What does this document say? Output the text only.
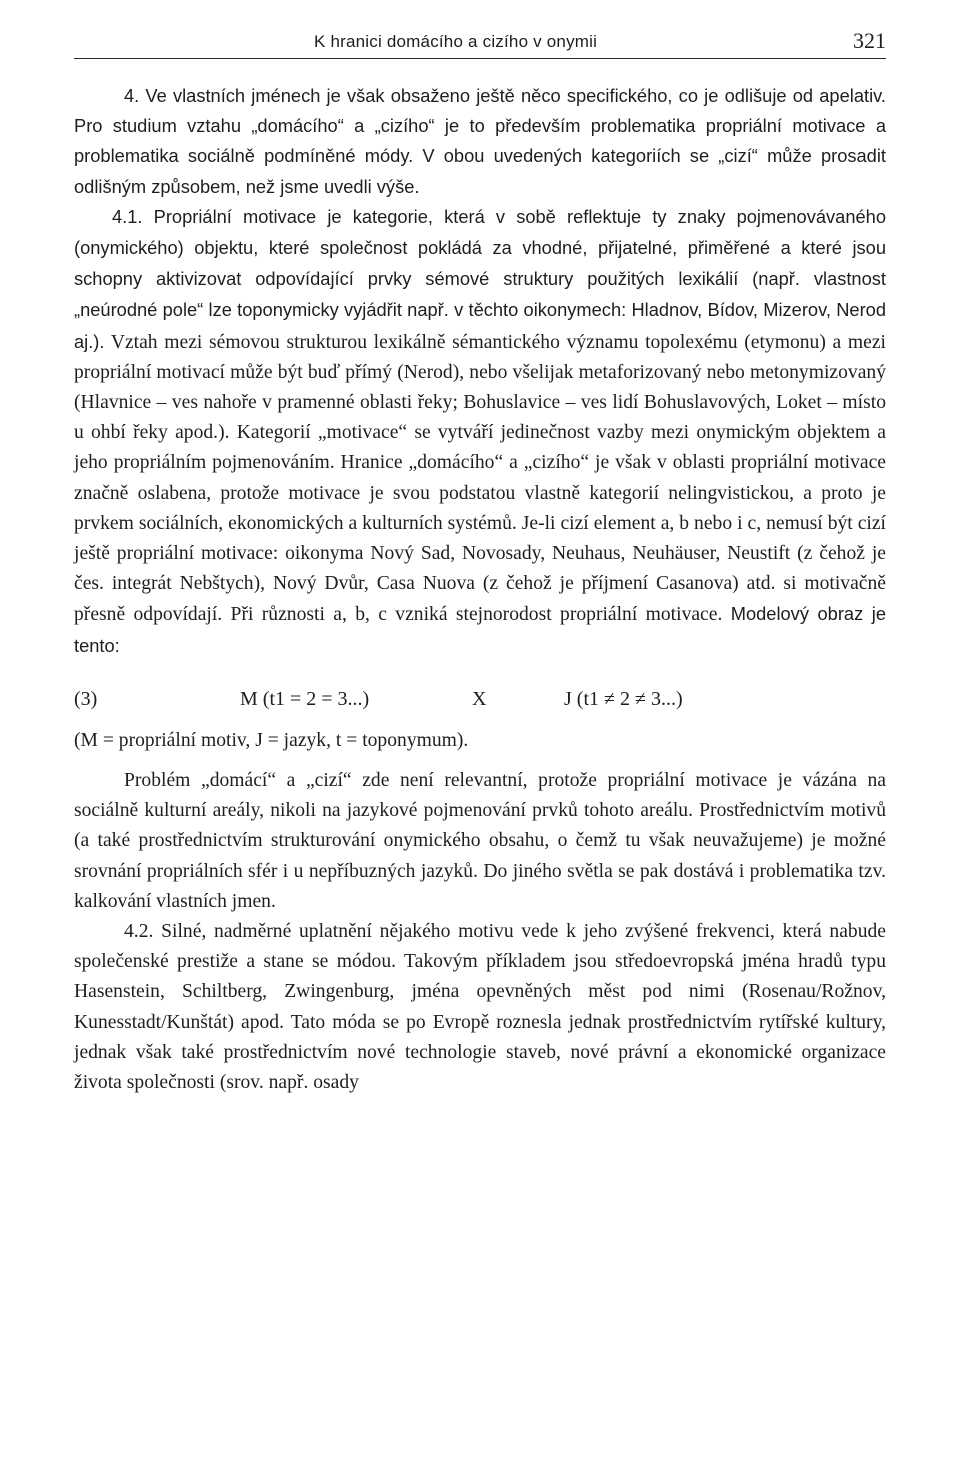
K hranici domácího a cizího v onymii	321

4. Ve vlastních jménech je však obsaženo ještě něco specifického, co je odlišuje od apelativ. Pro studium vztahu „domácího“ a „cizího“ je to především problematika propriální motivace a problematika sociálně podmíněné módy. V obou uvedených kategoriích se „cizí“ může prosadit odlišným způsobem, než jsme uvedli výše.

4.1. Propriální motivace je kategorie, která v sobě reflektuje ty znaky pojmenovávaného (onymického) objektu, které společnost pokládá za vhodné, přijatelné, přiměřené a které jsou schopny aktivizovat odpovídající prvky sémové struktury použitých lexikálií (např. vlastnost „neúrodné pole“ lze toponymicky vyjádřit např. v těchto oikonymech: Hladnov, Bídov, Mizerov, Nerod aj.). Vztah mezi sémovou strukturou lexikálně sémantického významu topolexému (etymonu) a mezi propriální motivací může být buď přímý (Nerod), nebo všelijak metaforizovaný nebo metonymizovaný (Hlavnice – ves nahoře v pramenné oblasti řeky; Bohuslavice – ves lidí Bohuslavových, Loket – místo u ohbí řeky apod.). Kategorií „motivace“ se vytváří jedinečnost vazby mezi onymickým objektem a jeho propriálním pojmenováním. Hranice „domácího“ a „cizího“ je však v oblasti propriální motivace značně oslabena, protože motivace je svou podstatou vlastně kategorií nelingvistickou, a proto je prvkem sociálních, ekonomických a kulturních systémů. Je-li cizí element a, b nebo i c, nemusí být cizí ještě propriální motivace: oikonyma Nový Sad, Novosady, Neuhaus, Neuhäuser, Neustift (z čehož je čes. integrát Nebštych), Nový Dvůr, Casa Nuova (z čehož je příjmení Casanova) atd. si motivačně přesně odpovídají. Při různosti a, b, c vzniká stejnorodost propriální motivace. Modelový obraz je tento:

(3)	M (t1 = 2 = 3...)	X	J (t1 ≠ 2 ≠ 3...)

(M = propriální motiv, J = jazyk, t = toponymum).

Problém „domácí“ a „cizí“ zde není relevantní, protože propriální motivace je vázána na sociálně kulturní areály, nikoli na jazykové pojmenování prvků tohoto areálu. Prostřednictvím motivů (a také prostřednictvím strukturování onymického obsahu, o čemž tu však neuvažujeme) je možné srovnání propriálních sfér i u nepříbuzných jazyků. Do jiného světla se pak dostává i problematika tzv. kalkování vlastních jmen.

4.2. Silné, nadměrné uplatnění nějakého motivu vede k jeho zvýšené frekvenci, která nabude společenské prestiže a stane se módou. Takovým příkladem jsou středoevropská jména hradů typu Hasenstein, Schiltberg, Zwingenburg, jména opevněných měst pod nimi (Rosenau/Rožnov, Kunesstadt/Kunštát) apod. Tato móda se po Evropě roznesla jednak prostřednictvím rytířské kultury, jednak však také prostřednictvím nové technologie staveb, nové právní a ekonomické organizace života společnosti (srov. např. osady
